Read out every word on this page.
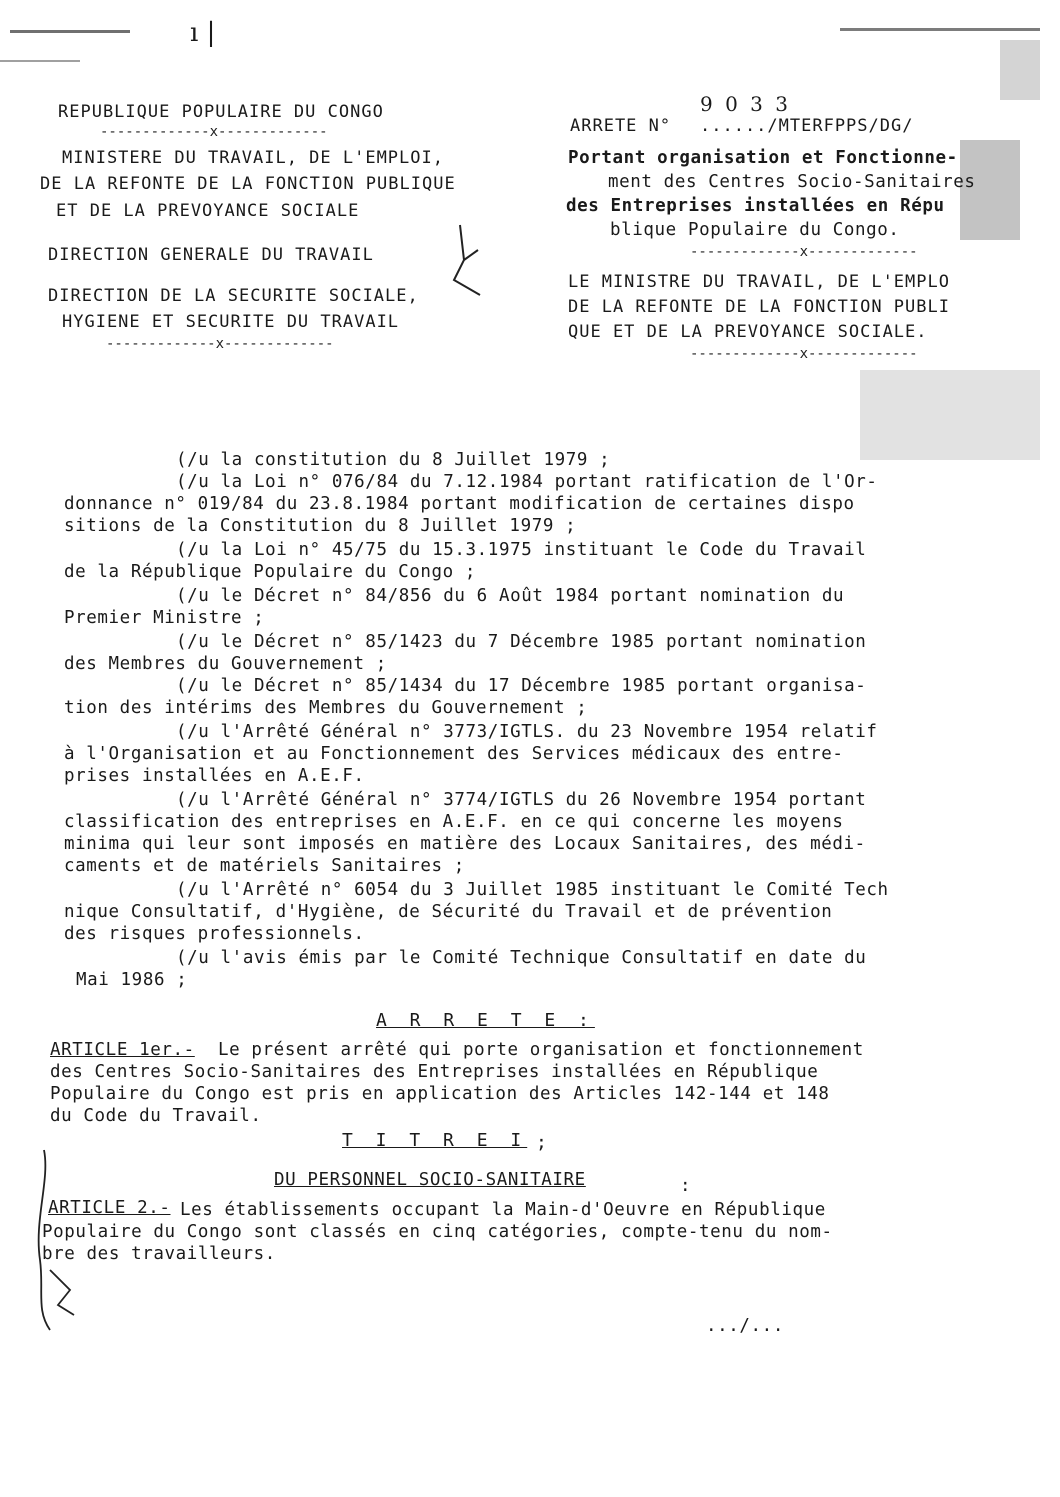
ı |
REPUBLIQUE POPULAIRE DU CONGO
-------------x-------------
MINISTERE DU TRAVAIL, DE L'EMPLOI,
DE LA REFONTE DE LA FONCTION PUBLIQUE
ET DE LA PREVOYANCE SOCIALE
DIRECTION GENERALE DU TRAVAIL
DIRECTION DE LA SECURITE SOCIALE,
HYGIENE ET SECURITE DU TRAVAIL
-------------x-------------
9 0 3 3
ARRETE N° ....../MTERFPPS/DG/
Portant organisation et Fonctionne-
ment des Centres Socio-Sanitaires
des Entreprises installées en Répu
blique Populaire du Congo.
-------------x-------------
LE MINISTRE DU TRAVAIL, DE L'EMPLO
DE LA REFONTE DE LA FONCTION PUBLI
QUE ET DE LA PREVOYANCE SOCIALE.
-------------x-------------
(/u la constitution du 8 Juillet 1979 ;
(/u la Loi n° 076/84 du 7.12.1984 portant ratification de l'Or-
donnance n° 019/84 du 23.8.1984 portant modification de certaines dispo
sitions de la Constitution du 8 Juillet 1979 ;
(/u la Loi n° 45/75 du 15.3.1975 instituant le Code du Travail
de la République Populaire du Congo ;
(/u le Décret n° 84/856 du 6 Août 1984 portant nomination du
Premier Ministre ;
(/u le Décret n° 85/1423 du 7 Décembre 1985 portant nomination
des Membres du Gouvernement ;
(/u le Décret n° 85/1434 du 17 Décembre 1985 portant organisa-
tion des intérims des Membres du Gouvernement ;
(/u l'Arrêté Général n° 3773/IGTLS. du 23 Novembre 1954 relatif
à l'Organisation et au Fonctionnement des Services médicaux des entre-
prises installées en A.E.F.
(/u l'Arrêté Général n° 3774/IGTLS du 26 Novembre 1954 portant
classification des entreprises en A.E.F. en ce qui concerne les moyens
minima qui leur sont imposés en matière des Locaux Sanitaires, des médi-
caments et de matériels Sanitaires ;
(/u l'Arrêté n° 6054 du 3 Juillet 1985 instituant le Comité Tech
nique Consultatif, d'Hygiène, de Sécurité du Travail et de prévention
des risques professionnels.
(/u l'avis émis par le Comité Technique Consultatif en date du
Mai 1986 ;
A R R E T E :
ARTICLE 1er.- Le présent arrêté qui porte organisation et fonctionnement
des Centres Socio-Sanitaires des Entreprises installées en République
Populaire du Congo est pris en application des Articles 142-144 et 148
du Code du Travail.
T I T R E I ;
DU PERSONNEL SOCIO-SANITAIRE	:
ARTICLE 2.- Les établissements occupant la Main-d'Oeuvre en République
Populaire du Congo sont classés en cinq catégories, compte-tenu du nom-
bre des travailleurs.
.../...
